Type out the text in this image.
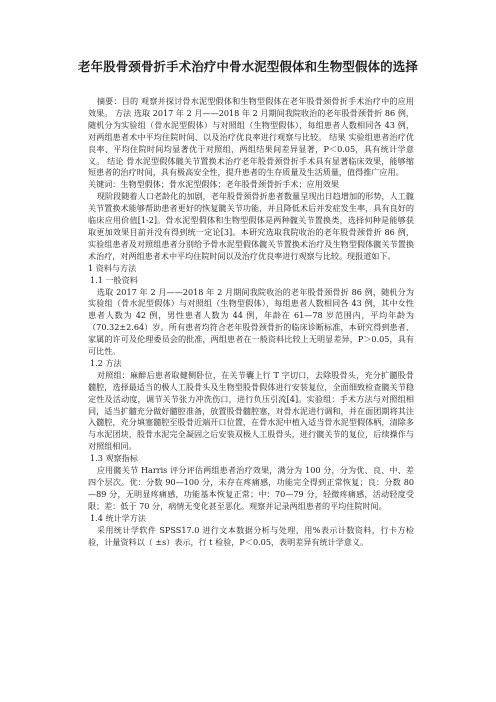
老年股骨颈骨折手术治疗中骨水泥型假体和生物型假体的选择

摘要：目的 观察并探讨骨水泥型假体和生物型假体在老年股骨颈骨折手术治疗中的应用效果。 方法 选取 2017 年 2 月——2018 年 2 月期间我院收治的老年股骨颈骨折 86 例，随机分为实验组（骨水泥型假体）与对照组（生物型假体），每组患者人数相同各 43 例，对两组患者术中平均住院时间、以及治疗优良率进行观察与比较。 结果 实验组患者治疗优良率、平均住院时间均显著优于对照组，两组结果间差异显著，P＜0.05，具有统计学意义。 结论 骨水泥型假体髋关节置换术治疗老年股骨颈骨折手术具有显著临床效果，能够缩短患者的治疗时间，具有极高安全性，提升患者的生存质量及生活质量，值得推广应用。

关键词：生物型假体；骨水泥型假体；老年股骨颈骨折手术；应用效果

现阶段随着人口老龄化的加剧，老年股骨颈骨折患者数量呈现出日趋增加的形势，人工髋关节置换术能够帮助患者更好的恢复髋关节功能，并且降低术后并发症发生率，具有良好的临床应用价值[1-2]。骨水泥型假体和生物型假体是两种髋关节置换类，选择何种是能够获取更加效果目前并没有得到统一定论[3]。本研究选取我院收治的老年股骨颈骨折 86 例，实验组患者及对照组患者分别给予骨水泥型假体髋关节置换术治疗及生物型假体髋关节置换术治疗，对两组患者术中平均住院时间以及治疗优良率进行观察与比较。现报道如下。

1 资料与方法

1.1 一般资料

选取 2017 年 2 月——2018 年 2 月期间我院收治的老年股骨颈骨折 86 例，随机分为实验组（骨水泥型假体）与对照组（生物型假体），每组患者人数相同各 43 例，其中女性患者人数为 42 例，男性患者人数为 44 例，年龄在 61—78 岁范围内，平均年龄为（70.32±2.64）岁。所有患者均符合老年股骨颈骨折的临床诊断标准，本研究得到患者、家属的许可及伦理委员会的批准，两组患者在一般资料比较上无明显差异，P＞0.05，具有可比性。

1.2 方法

对照组：麻醉后患者取健侧卧位，在关节囊上行 T 字切口，去除股骨头，充分扩髓股骨髓腔，选择最适当的极人工股骨头及生物型股骨假体进行安装复位，全面细致检查髋关节稳定性及活动度，调节关节张力冲洗伤口，进行负压引流[4]。实验组：手术方法与对照组相同，适当扩髓充分做好髓腔准备，放置股骨髓腔塞，对骨水泥进行调和，并在面团期将其注入髓腔，充分填塞髓腔至股骨近端开口位置，在骨水泥中植入适当骨水泥型假体柄，清除多与水泥团块，股骨水泥完全凝固之后安装双极人工股骨头，进行髋关节的复位，后续操作与对照组相同。

1.3 观察指标

应用髋关节 Harris 评分评估两组患者治疗效果，满分为 100 分，分为优、良、中、差四个层次。优：分数 90—100 分，未存在疼痛感，功能完全得到正常恢复；良：分数 80—89 分，无明显疼痛感，功能基本恢复正常；中：70—79 分，轻微疼痛感，活动轻度受限；差：低于 70 分，病情无变化甚至恶化。观察并记录两组患者的平均住院时间。

1.4 统计学方法

采用统计学软件 SPSS17.0 进行文本数据分析与处理，用%表示计数资料，行卡方检验，计量资料以（ ±s）表示，行 t 检验，P＜0.05，表明差异有统计学意义。
